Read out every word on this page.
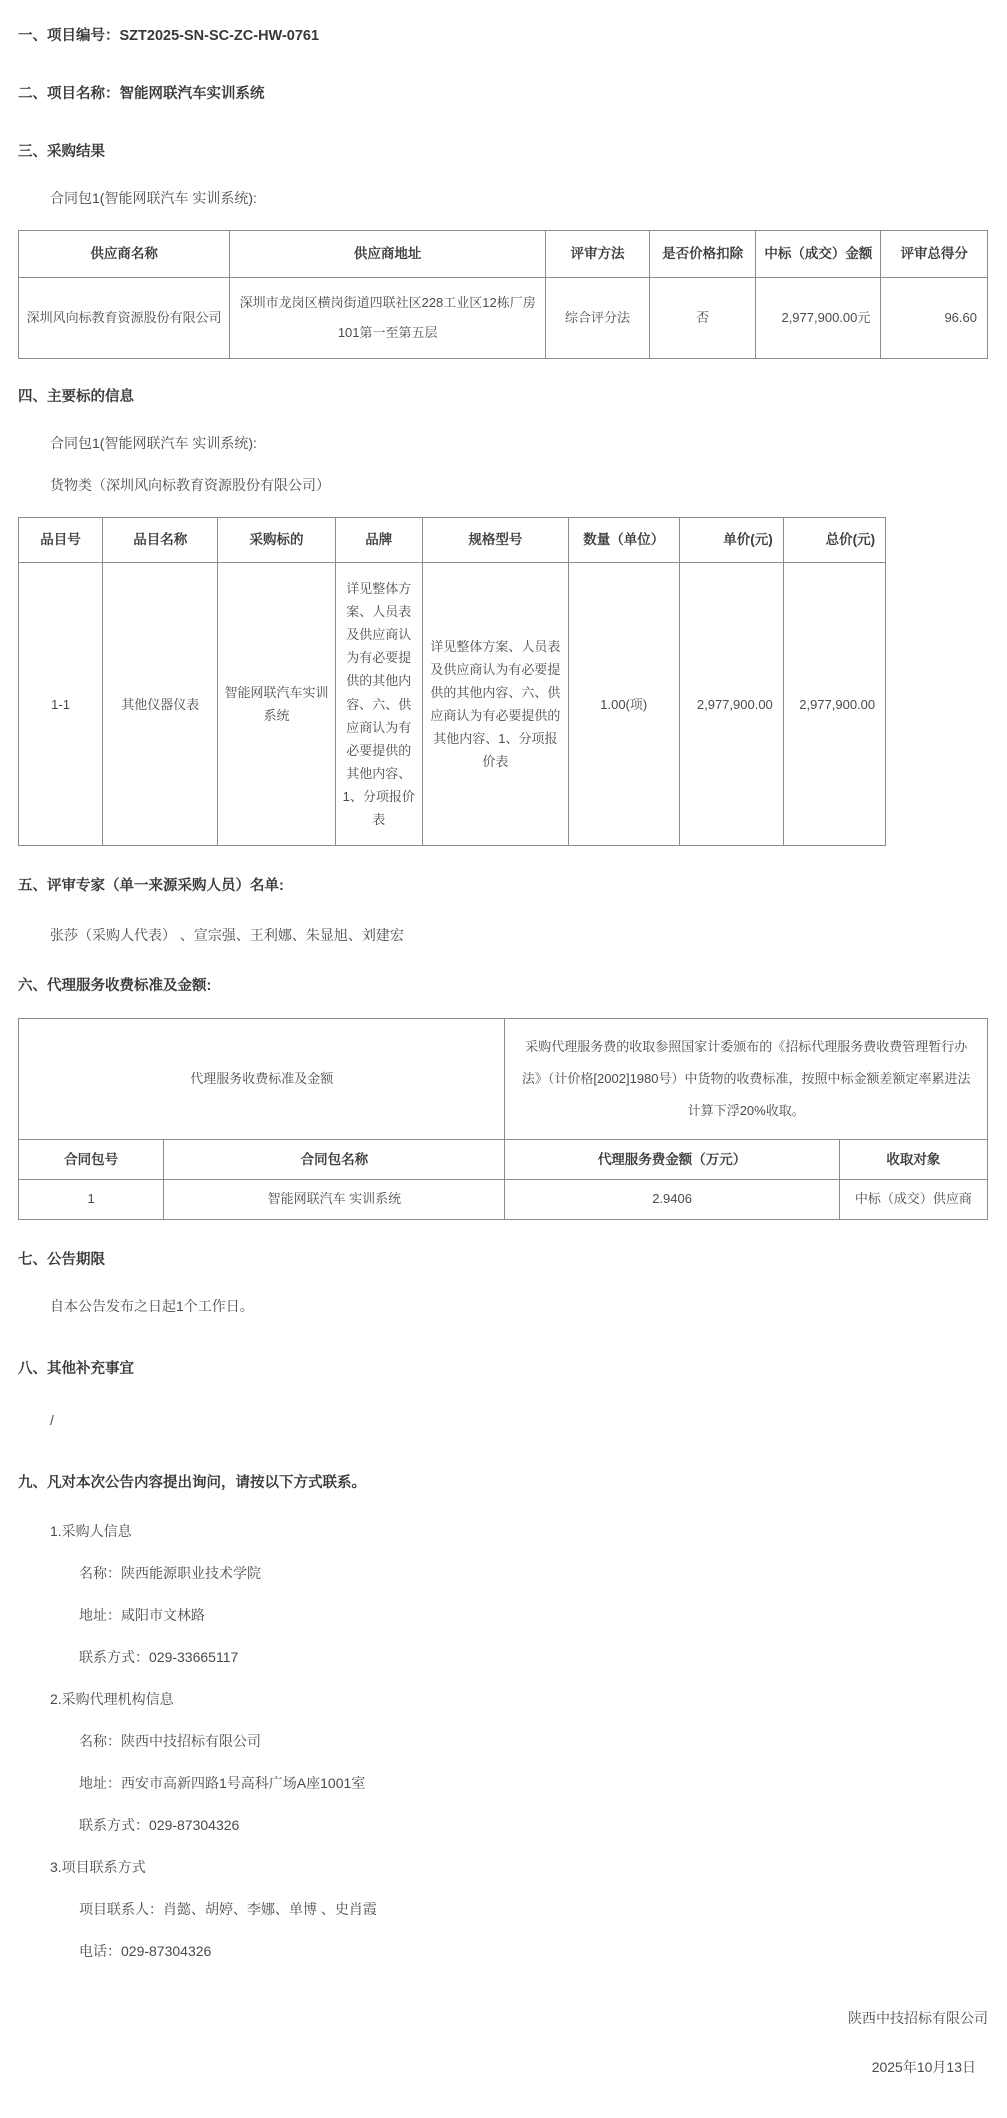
一、项目编号：SZT2025-SN-SC-ZC-HW-0761
二、项目名称：智能网联汽车实训系统
三、采购结果

合同包1(智能网联汽车 实训系统):

供应商名称	供应商地址	评审方法	是否价格扣除	中标（成交）金额	评审总得分
深圳风向标教育资源股份有限公司	深圳市龙岗区横岗街道四联社区228工业区12栋厂房101第一至第五层	综合评分法	否	2,977,900.00元	96.60
四、主要标的信息

合同包1(智能网联汽车 实训系统):

货物类（深圳风向标教育资源股份有限公司）

品目号	品目名称	采购标的	品牌	规格型号	数量（单位）	单价(元)	总价(元)
1-1	其他仪器仪表	智能网联汽车实训系统	详见整体方案、人员表及供应商认为有必要提供的其他内容、六、供应商认为有必要提供的其他内容、1、分项报价表	详见整体方案、人员表及供应商认为有必要提供的其他内容、六、供应商认为有必要提供的其他内容、1、分项报价表	1.00(项)	2,977,900.00	2,977,900.00
五、评审专家（单一来源采购人员）名单:

张莎（采购人代表） 、宣宗强、王利娜、朱显旭、刘建宏

六、代理服务收费标准及金额:
代理服务收费标准及金额		采购代理服务费的收取参照国家计委颁布的《招标代理服务费收费管理暂行办法》（计价格[2002]1980号）中货物的收费标准，按照中标金额差额定率累进法计算下浮20%收取。	
合同包号	合同包名称	代理服务费金额（万元）	收取对象
1	智能网联汽车 实训系统	2.9406	中标（成交）供应商
七、公告期限

自本公告发布之日起1个工作日。

八、其他补充事宜

/

九、凡对本次公告内容提出询问，请按以下方式联系。

1.采购人信息

名称：陕西能源职业技术学院

地址：咸阳市文林路

联系方式：029-33665117

2.采购代理机构信息

名称：陕西中技招标有限公司

地址：西安市高新四路1号高科广场A座1001室

联系方式：029-87304326

3.项目联系方式

项目联系人：肖懿、胡婷、李娜、单博 、史肖霞

电话：029-87304326

陕西中技招标有限公司

2025年10月13日
